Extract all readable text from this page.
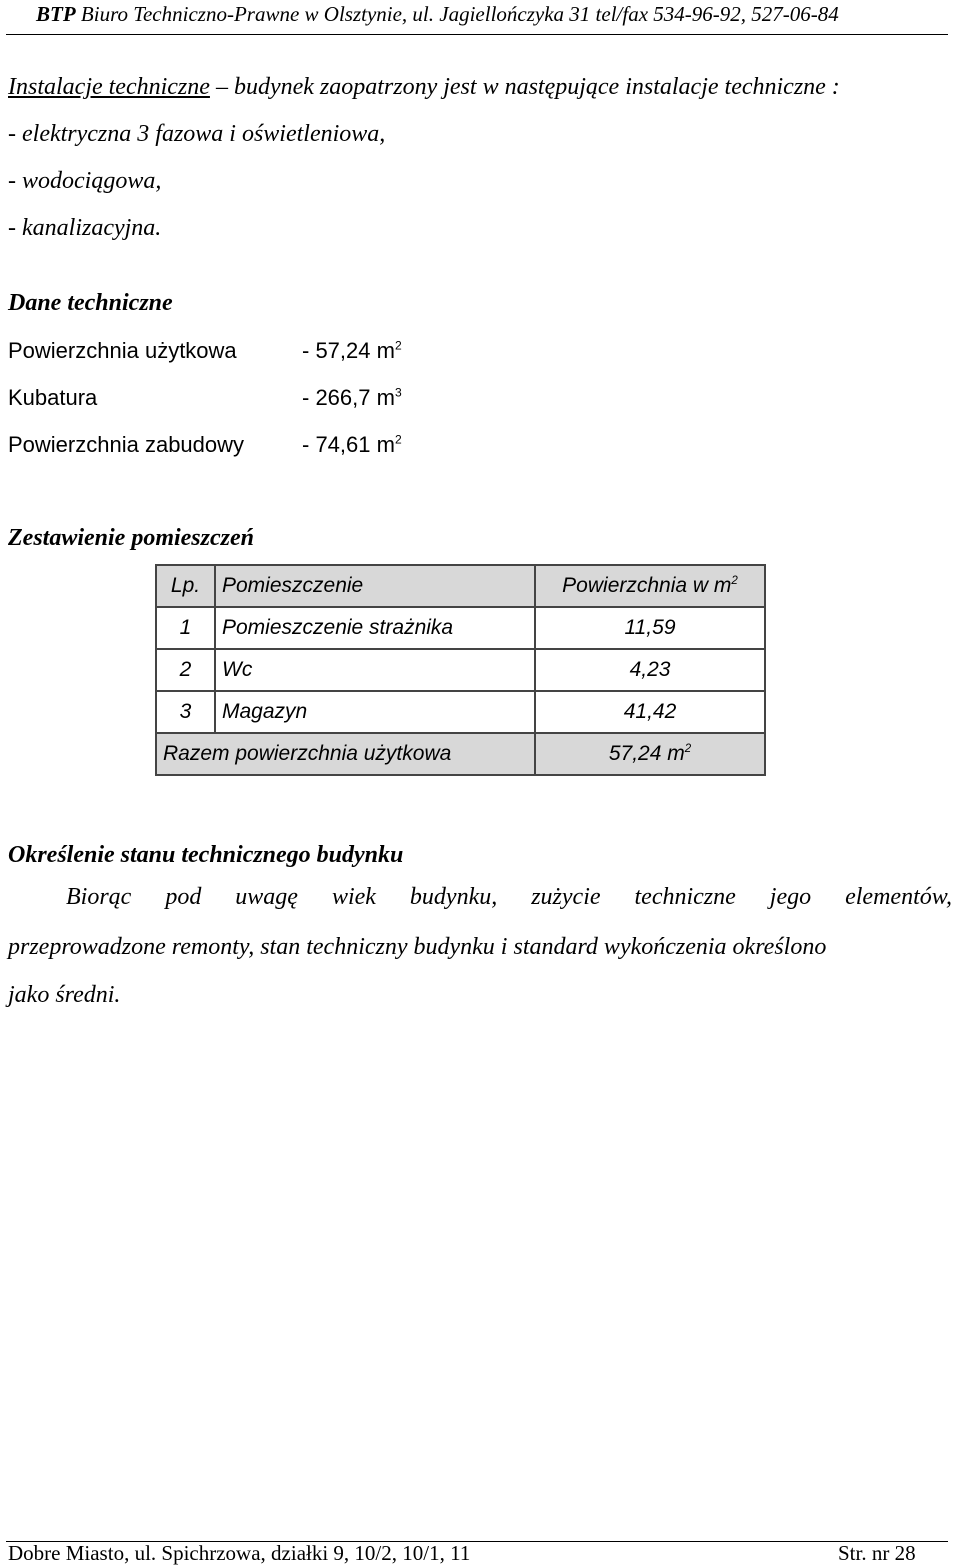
BTP Biuro Techniczno-Prawne w Olsztynie, ul. Jagiellończyka 31 tel/fax 534-96-92, 527-06-84
Instalacje techniczne – budynek zaopatrzony jest w następujące instalacje techniczne :
- elektryczna 3 fazowa i oświetleniowa,
- wodociągowa,
- kanalizacyjna.
Dane techniczne
Powierzchnia użytkowa	- 57,24 $m^2$
Kubatura	- 266,7 $m^3$
Powierzchnia zabudowy	- 74,61 $m^2$
Zestawienie pomieszczeń
Lp.	Pomieszczenie	Powierzchnia w $m^2$
1	Pomieszczenie strażnika	11,59
2	Wc	4,23
3	Magazyn	41,42
Razem powierzchnia użytkowa		57,24 $m^2$
Określenie stanu technicznego budynku
Biorąc pod uwagę wiek budynku, zużycie techniczne jego elementów,
przeprowadzone remonty, stan techniczny budynku i standard wykończenia określono
jako średni.
Dobre Miasto, ul. Spichrzowa, działki 9, 10/2, 10/1, 11	Str. nr 28
